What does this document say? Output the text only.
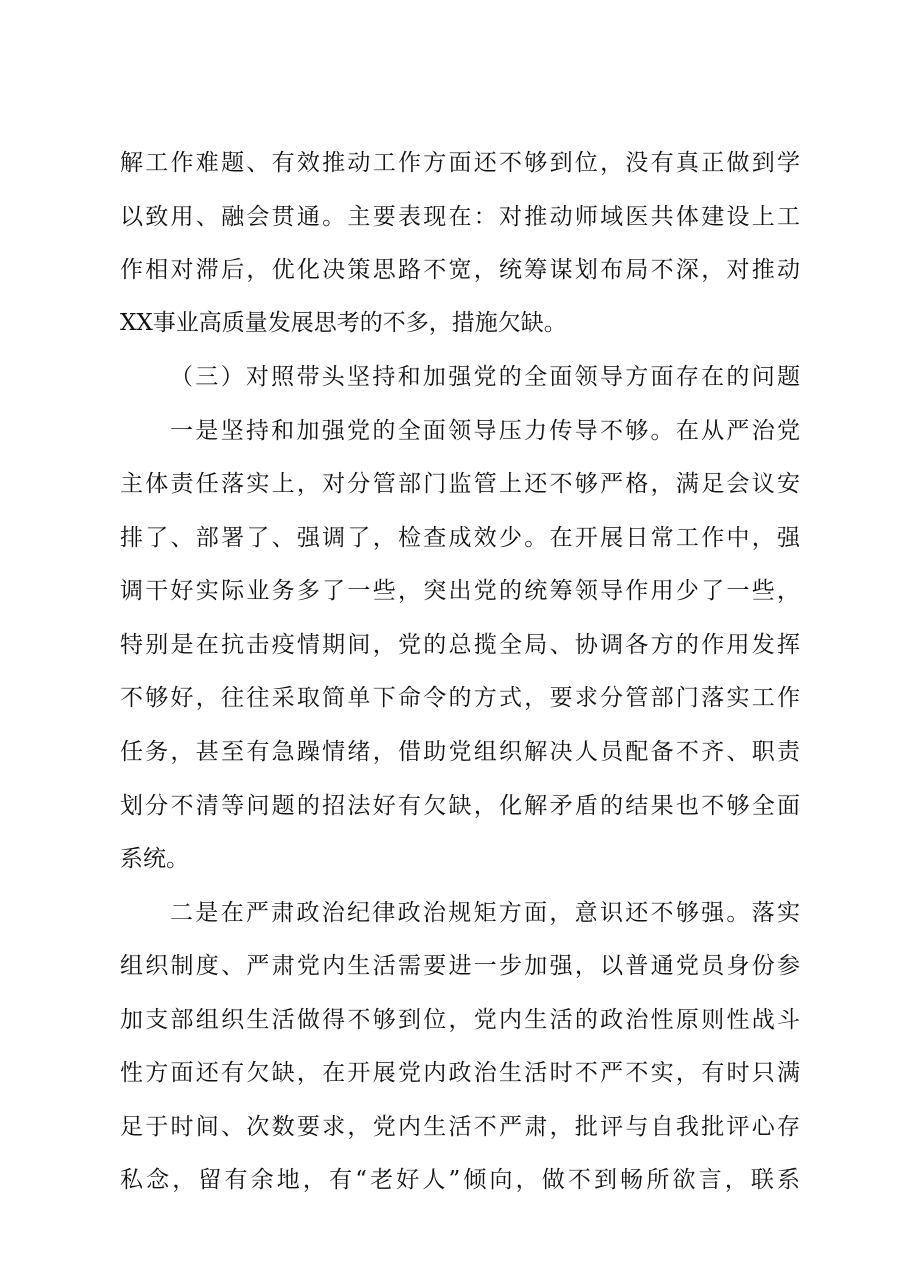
解工作难题、有效推动工作方面还不够到位，没有真正做到学
以致用、融会贯通。主要表现在：对推动师域医共体建设上工
作相对滞后，优化决策思路不宽，统筹谋划布局不深，对推动
XX事业高质量发展思考的不多，措施欠缺。
（三）对照带头坚持和加强党的全面领导方面存在的问题
一是坚持和加强党的全面领导压力传导不够。在从严治党
主体责任落实上，对分管部门监管上还不够严格，满足会议安
排了、部署了、强调了，检查成效少。在开展日常工作中，强
调干好实际业务多了一些，突出党的统筹领导作用少了一些，
特别是在抗击疫情期间，党的总揽全局、协调各方的作用发挥
不够好，往往采取简单下命令的方式，要求分管部门落实工作
任务，甚至有急躁情绪，借助党组织解决人员配备不齐、职责
划分不清等问题的招法好有欠缺，化解矛盾的结果也不够全面
系统。
二是在严肃政治纪律政治规矩方面，意识还不够强。落实
组织制度、严肃党内生活需要进一步加强，以普通党员身份参
加支部组织生活做得不够到位，党内生活的政治性原则性战斗
性方面还有欠缺，在开展党内政治生活时不严不实，有时只满
足于时间、次数要求，党内生活不严肃，批评与自我批评心存
私念，留有余地，有“老好人”倾向，做不到畅所欲言，联系
